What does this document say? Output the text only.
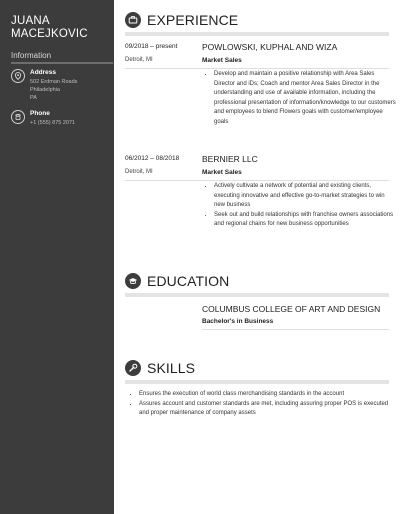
JUANA MACEJKOVIC
Information
Address
502 Erdman Roads
Philadelphia
PA
Phone
+1 (555) 875 2071
EXPERIENCE
09/2018 – present
Detroit, MI
POWLOWSKI, KUPHAL AND WIZA
Market Sales
• Develop and maintain a positive relationship with Area Sales Director and iDs; Coach and mentor Area Sales Director in the understanding and use of available information, including the professional presentation of information/knowledge to our customers and employees to blend Flowers goals with customer/employee goals
06/2012 – 08/2018
Detroit, MI
BERNIER LLC
Market Sales
• Actively cultivate a network of potential and existing clients, executing innovative and effective go-to-market strategies to win new business
• Seek out and build relationships with franchise owners associations and regional chains for new business opportunities
EDUCATION
COLUMBUS COLLEGE OF ART AND DESIGN
Bachelor's in Business
SKILLS
• Ensures the execution of world class merchandising standards in the account
• Assures account and customer standards are met, including assuring proper POS is executed and proper maintenance of company assets
